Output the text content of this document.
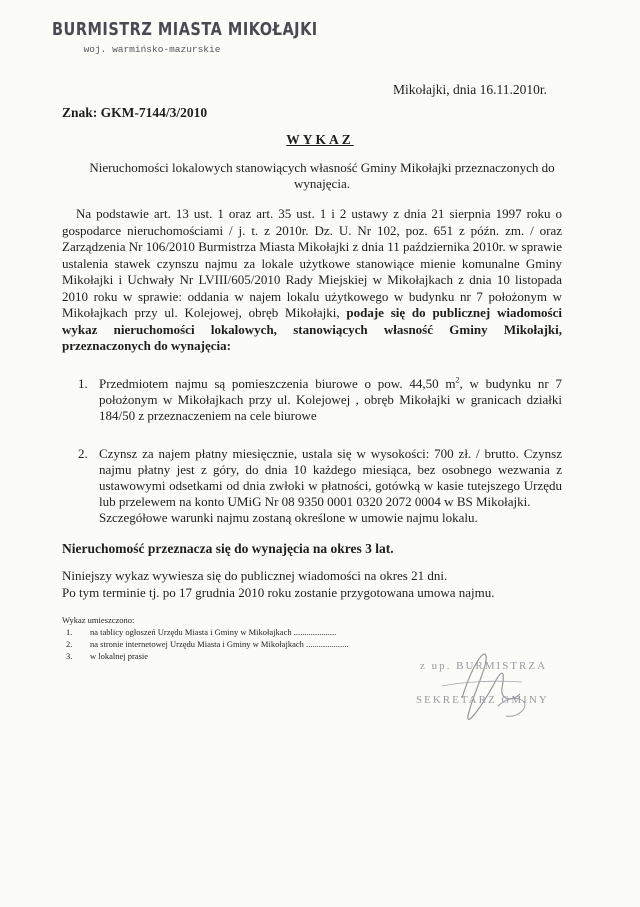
BURMISTRZ MIASTA MIKOŁAJKI
woj. warmińsko-mazurskie
Mikołajki, dnia 16.11.2010r.
Znak: GKM-7144/3/2010
WYKAZ
Nieruchomości lokalowych stanowiących własność Gminy Mikołajki przeznaczonych do wynajęcia.
Na podstawie art. 13 ust. 1 oraz art. 35 ust. 1 i 2 ustawy z dnia 21 sierpnia 1997 roku o gospodarce nieruchomościami / j. t. z 2010r. Dz. U. Nr 102, poz. 651 z późn. zm. / oraz Zarządzenia Nr 106/2010 Burmistrza Miasta Mikołajki z dnia 11 października 2010r. w sprawie ustalenia stawek czynszu najmu za lokale użytkowe stanowiące mienie komunalne Gminy Mikołajki i Uchwały Nr LVIII/605/2010 Rady Miejskiej w Mikołajkach z dnia 10 listopada 2010 roku w sprawie: oddania w najem lokalu użytkowego w budynku nr 7 położonym w Mikołajkach przy ul. Kolejowej, obręb Mikołajki, podaje się do publicznej wiadomości wykaz nieruchomości lokalowych, stanowiących własność Gminy Mikołajki, przeznaczonych do wynajęcia:
1. Przedmiotem najmu są pomieszczenia biurowe o pow. 44,50 $m^2$, w budynku nr 7 położonym w Mikołajkach przy ul. Kolejowej , obręb Mikołajki w granicach działki 184/50 z przeznaczeniem na cele biurowe
2. Czynsz za najem płatny miesięcznie, ustala się w wysokości: 700 zł. / brutto. Czynsz najmu płatny jest z góry, do dnia 10 każdego miesiąca, bez osobnego wezwania z ustawowymi odsetkami od dnia zwłoki w płatności, gotówką w kasie tutejszego Urzędu lub przelewem na konto UMiG Nr 08 9350 0001 0320 2072 0004 w BS Mikołajki.
Szczegółowe warunki najmu zostaną określone w umowie najmu lokalu.
Nieruchomość przeznacza się do wynajęcia na okres 3 lat.
Niniejszy wykaz wywiesza się do publicznej wiadomości na okres 21 dni.
Po tym terminie tj. po 17 grudnia 2010 roku zostanie przygotowana umowa najmu.
Wykaz umieszczono:
1. na tablicy ogłoszeń Urzędu Miasta i Gminy w Mikołajkach ....................
2. na stronie internetowej Urzędu Miasta i Gminy w Mikołajkach ....................
3. w lokalnej prasie
z up. BURMISTRZA
SEKRETARZ GMINY
